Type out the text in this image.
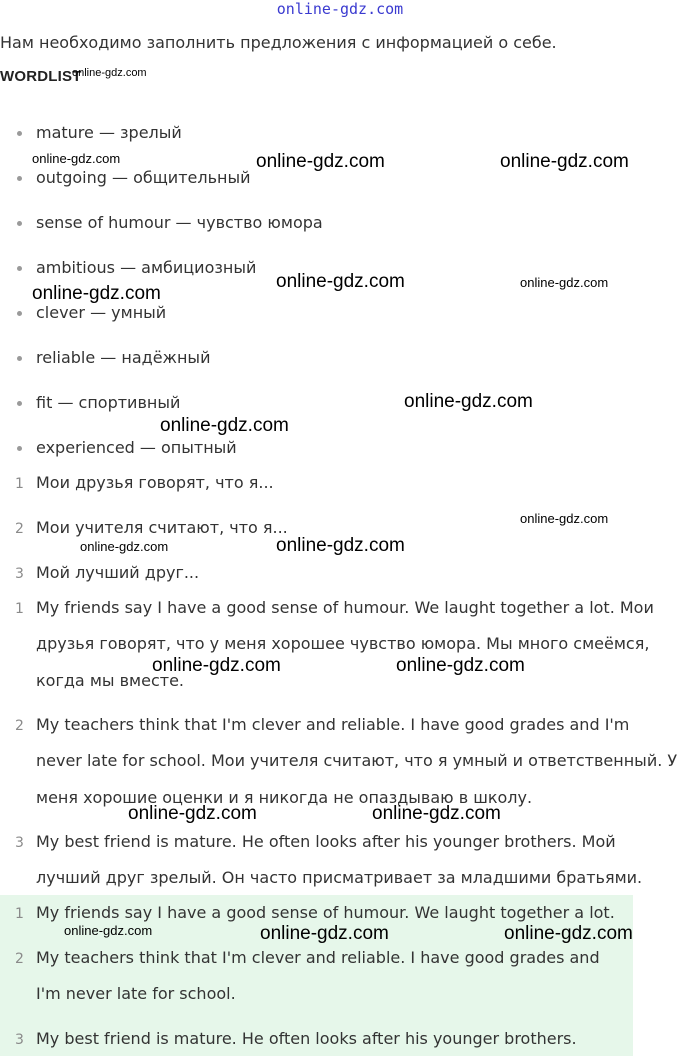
online-gdz.com
Нам необходимо заполнить предложения с информацией о себе.
WORDLIST
online-gdz.com
mature — зрелый
outgoing — общительный
sense of humour — чувство юмора
ambitious — амбициозный
clever — умный
reliable — надёжный
fit — спортивный
experienced — опытный
1 Мои друзья говорят, что я...
2 Мои учителя считают, что я...
3 Мой лучший друг...
1 My friends say I have a good sense of humour. We laught together a lot. Мои
друзья говорят, что у меня хорошее чувство юмора. Мы много смеёмся,
когда мы вместе.
2 My teachers think that I'm clever and reliable. I have good grades and I'm
never late for school. Мои учителя считают, что я умный и ответственный. У
меня хорошие оценки и я никогда не опаздываю в школу.
3 My best friend is mature. He often looks after his younger brothers. Мой
лучший друг зрелый. Он часто присматривает за младшими братьями.
1 My friends say I have a good sense of humour. We laught together a lot.
2 My teachers think that I'm clever and reliable. I have good grades and
I'm never late for school.
3 My best friend is mature. He often looks after his younger brothers.
online-gdz.com	online-gdz.com	online-gdz.com
online-gdz.com	online-gdz.com
online-gdz.com
online-gdz.com
online-gdz.com
online-gdz.com
online-gdz.com	online-gdz.com
online-gdz.com	online-gdz.com
online-gdz.com	online-gdz.com
online-gdz.com	online-gdz.com	online-gdz.com
